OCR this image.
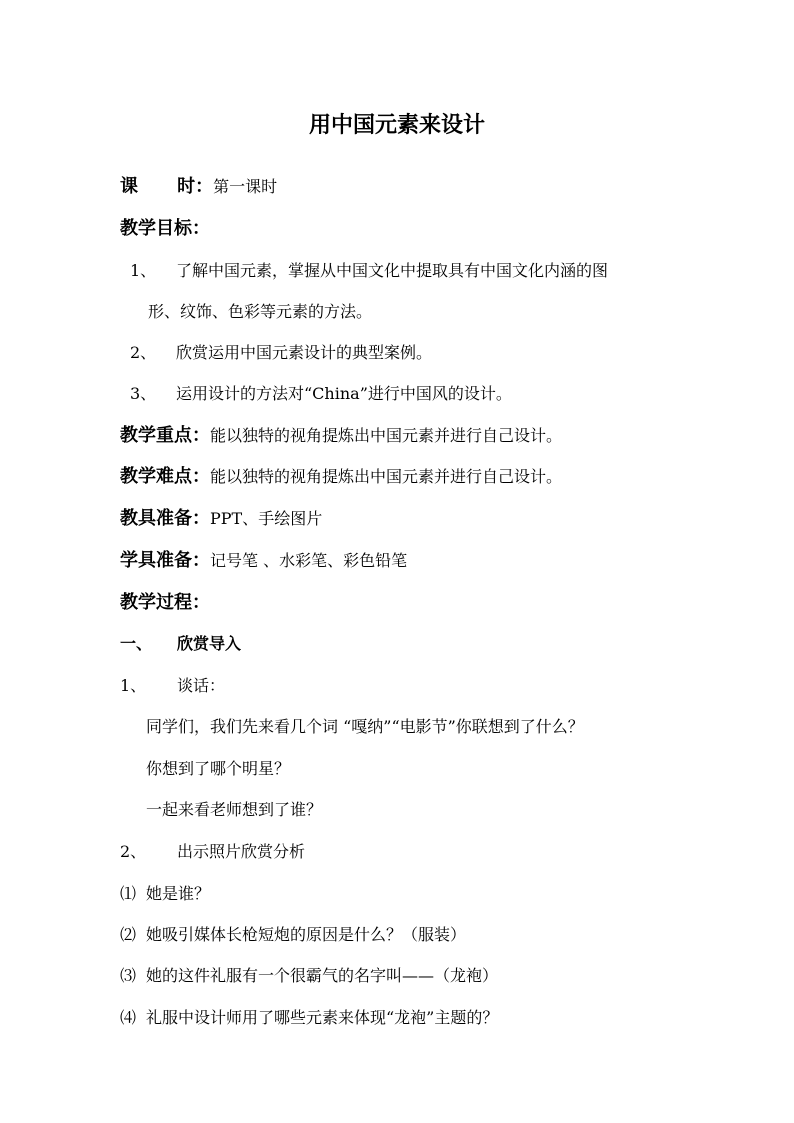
用中国元素来设计
课 时：第一课时
教学目标：
1、 了解中国元素，掌握从中国文化中提取具有中国文化内涵的图
形、纹饰、色彩等元素的方法。
2、 欣赏运用中国元素设计的典型案例。
3、 运用设计的方法对“China”进行中国风的设计。
教学重点：能以独特的视角提炼出中国元素并进行自己设计。
教学难点：能以独特的视角提炼出中国元素并进行自己设计。
教具准备：PPT、手绘图片
学具准备：记号笔 、水彩笔、彩色铅笔
教学过程：
一、 欣赏导入
1、 谈话：
同学们，我们先来看几个词 “嘎纳”“电影节”你联想到了什么？
你想到了哪个明星？
一起来看老师想到了谁？
2、 出示照片欣赏分析
⑴ 她是谁？
⑵ 她吸引媒体长枪短炮的原因是什么？（服装）
⑶ 她的这件礼服有一个很霸气的名字叫——（龙袍）
⑷ 礼服中设计师用了哪些元素来体现“龙袍”主题的？
